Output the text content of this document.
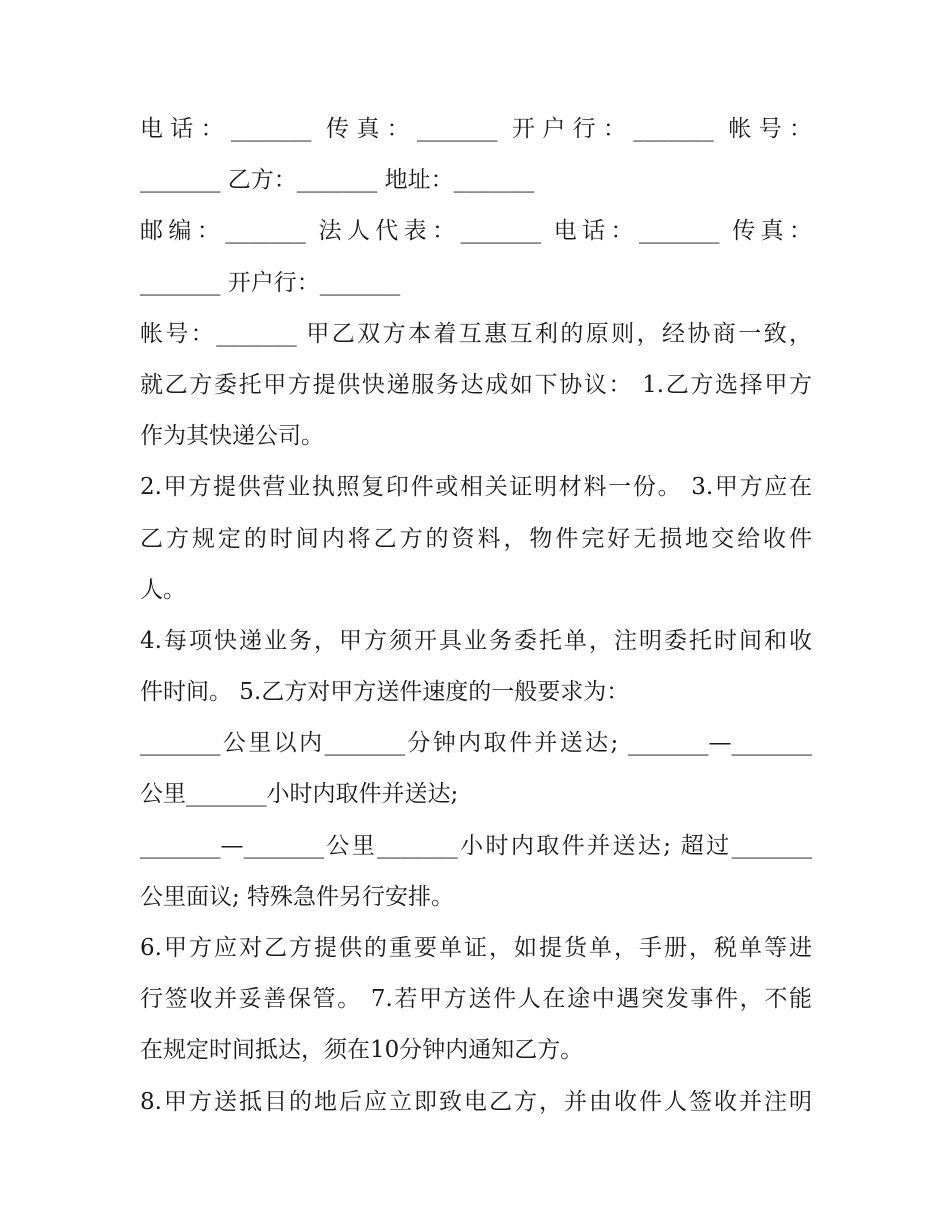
电话：_______ 传真：_______ 开户行：_______ 帐号：
_______ 乙方：_______ 地址：_______
邮编：_______ 法人代表：_______ 电话：_______ 传真：
_______ 开户行：_______
帐号：_______ 甲乙双方本着互惠互利的原则，经协商一致，
就乙方委托甲方提供快递服务达成如下协议： 1.乙方选择甲方
作为其快递公司。
2.甲方提供营业执照复印件或相关证明材料一份。 3.甲方应在
乙方规定的时间内将乙方的资料，物件完好无损地交给收件
人。
4.每项快递业务，甲方须开具业务委托单，注明委托时间和收
件时间。 5.乙方对甲方送件速度的一般要求为：
_______公里以内_______分钟内取件并送达; _______—_______
公里_______小时内取件并送达;
_______—_______公里_______小时内取件并送达; 超过_______
公里面议; 特殊急件另行安排。
6.甲方应对乙方提供的重要单证，如提货单，手册，税单等进
行签收并妥善保管。 7.若甲方送件人在途中遇突发事件，不能
在规定时间抵达，须在10分钟内通知乙方。
8.甲方送抵目的地后应立即致电乙方，并由收件人签收并注明
